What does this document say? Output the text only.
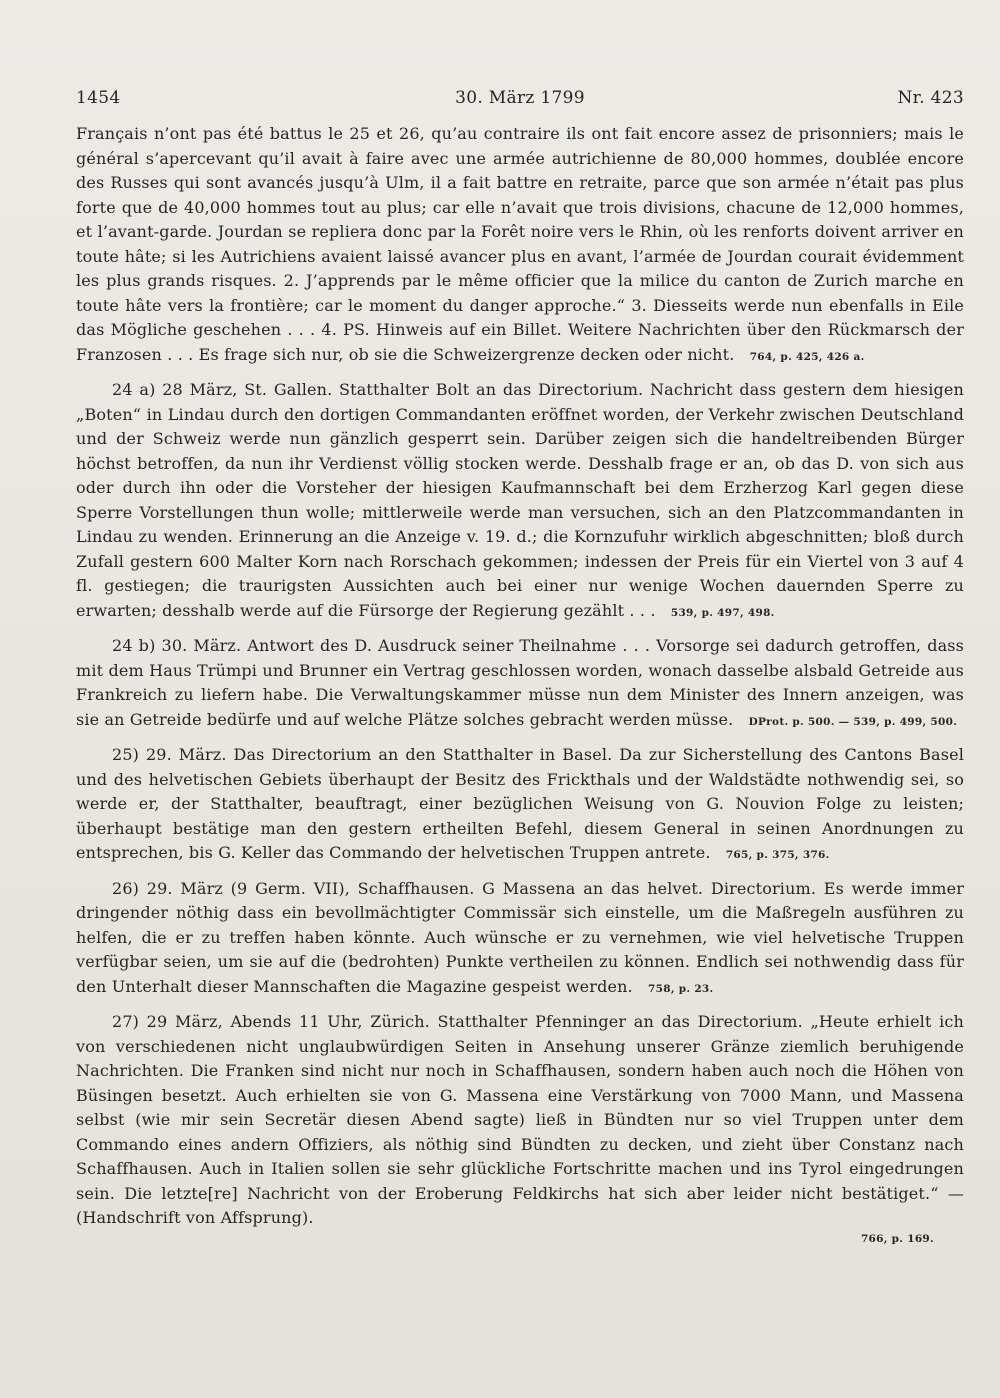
1454	30. März 1799	Nr. 423

Français n’ont pas été battus le 25 et 26, qu’au contraire ils ont fait encore assez de prisonniers; mais le général s’apercevant qu’il avait à faire avec une armée autrichienne de 80,000 hommes, doublée encore des Russes qui sont avancés jusqu’à Ulm, il a fait battre en retraite, parce que son armée n’était pas plus forte que de 40,000 hommes tout au plus; car elle n’avait que trois divisions, chacune de 12,000 hommes, et l’avant-garde. Jourdan se repliera donc par la Forêt noire vers le Rhin, où les renforts doivent arriver en toute hâte; si les Autrichiens avaient laissé avancer plus en avant, l’armée de Jourdan courait évidemment les plus grands risques. 2. J’apprends par le même officier que la milice du canton de Zurich marche en toute hâte vers la frontière; car le moment du danger approche.“ 3. Diesseits werde nun ebenfalls in Eile das Mögliche geschehen . . . 4. PS. Hinweis auf ein Billet. Weitere Nachrichten über den Rückmarsch der Franzosen . . . Es frage sich nur, ob sie die Schweizergrenze decken oder nicht. 764, p. 425, 426 a.

24 a) 28 März, St. Gallen. Statthalter Bolt an das Directorium. Nachricht dass gestern dem hiesigen „Boten“ in Lindau durch den dortigen Commandanten eröffnet worden, der Verkehr zwischen Deutschland und der Schweiz werde nun gänzlich gesperrt sein. Darüber zeigen sich die handeltreibenden Bürger höchst betroffen, da nun ihr Verdienst völlig stocken werde. Desshalb frage er an, ob das D. von sich aus oder durch ihn oder die Vorsteher der hiesigen Kaufmannschaft bei dem Erzherzog Karl gegen diese Sperre Vorstellungen thun wolle; mittlerweile werde man versuchen, sich an den Platzcommandanten in Lindau zu wenden. Erinnerung an die Anzeige v. 19. d.; die Kornzufuhr wirklich abgeschnitten; bloß durch Zufall gestern 600 Malter Korn nach Rorschach gekommen; indessen der Preis für ein Viertel von 3 auf 4 fl. gestiegen; die traurigsten Aussichten auch bei einer nur wenige Wochen dauernden Sperre zu erwarten; desshalb werde auf die Fürsorge der Regierung gezählt . . . 539, p. 497, 498.

24 b) 30. März. Antwort des D. Ausdruck seiner Theilnahme . . . Vorsorge sei dadurch getroffen, dass mit dem Haus Trümpi und Brunner ein Vertrag geschlossen worden, wonach dasselbe alsbald Getreide aus Frankreich zu liefern habe. Die Verwaltungskammer müsse nun dem Minister des Innern anzeigen, was sie an Getreide bedürfe und auf welche Plätze solches gebracht werden müsse. DProt. p. 500. — 539, p. 499, 500.

25) 29. März. Das Directorium an den Statthalter in Basel. Da zur Sicherstellung des Cantons Basel und des helvetischen Gebiets überhaupt der Besitz des Frickthals und der Waldstädte nothwendig sei, so werde er, der Statthalter, beauftragt, einer bezüglichen Weisung von G. Nouvion Folge zu leisten; überhaupt bestätige man den gestern ertheilten Befehl, diesem General in seinen Anordnungen zu entsprechen, bis G. Keller das Commando der helvetischen Truppen antrete. 765, p. 375, 376.

26) 29. März (9 Germ. VII), Schaffhausen. G Massena an das helvet. Directorium. Es werde immer dringender nöthig dass ein bevollmächtigter Commissär sich einstelle, um die Maßregeln ausführen zu helfen, die er zu treffen haben könnte. Auch wünsche er zu vernehmen, wie viel helvetische Truppen verfügbar seien, um sie auf die (bedrohten) Punkte vertheilen zu können. Endlich sei nothwendig dass für den Unterhalt dieser Mannschaften die Magazine gespeist werden. 758, p. 23.

27) 29 März, Abends 11 Uhr, Zürich. Statthalter Pfenninger an das Directorium. „Heute erhielt ich von verschiedenen nicht unglaubwürdigen Seiten in Ansehung unserer Gränze ziemlich beruhigende Nachrichten. Die Franken sind nicht nur noch in Schaffhausen, sondern haben auch noch die Höhen von Büsingen besetzt. Auch erhielten sie von G. Massena eine Verstärkung von 7000 Mann, und Massena selbst (wie mir sein Secretär diesen Abend sagte) ließ in Bündten nur so viel Truppen unter dem Commando eines andern Offiziers, als nöthig sind Bündten zu decken, und zieht über Constanz nach Schaffhausen. Auch in Italien sollen sie sehr glückliche Fortschritte machen und ins Tyrol eingedrungen sein. Die letzte[re] Nachricht von der Eroberung Feldkirchs hat sich aber leider nicht bestätiget.“ — (Handschrift von Affsprung).

766, p. 169.
